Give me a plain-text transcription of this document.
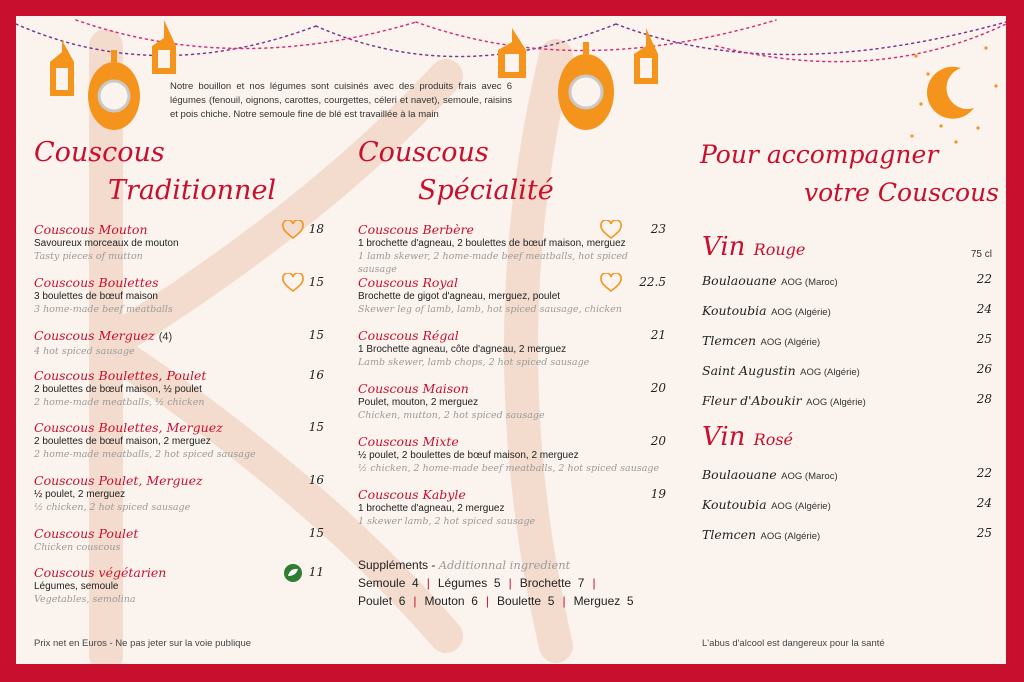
Notre bouillon et nos légumes sont cuisinés avec des produits frais avec 6 légumes (fenouil, oignons, carottes, courgettes, céleri et navet), semoule, raisins et pois chiche. Notre semoule fine de blé est travaillée à la main
Couscous
Traditionnel
Couscous Mouton
Savoureux morceaux de mouton
Tasty pieces of mutton
18
Couscous Boulettes
3 boulettes de bœuf maison
3 home-made beef meatballs
15
Couscous Merguez (4)
4 hot spiced sausage
15
Couscous Boulettes, Poulet
2 boulettes de bœuf maison, ½ poulet
2 home-made meatballs, ½ chicken
16
Couscous Boulettes, Merguez
2 boulettes de bœuf maison, 2 merguez
2 home-made meatballs, 2 hot spiced sausage
15
Couscous Poulet, Merguez
½ poulet, 2 merguez
½ chicken, 2 hot spiced sausage
16
Couscous Poulet
Chicken couscous
15
Couscous végétarien
Légumes, semoule
Vegetables, semolina
11
Couscous
Spécialité
Couscous Berbère
1 brochette d'agneau, 2 boulettes de bœuf maison, merguez
1 lamb skewer, 2 home-made beef meatballs, hot spiced sausage
23
Couscous Royal
Brochette de gigot d'agneau, merguez, poulet
Skewer leg of lamb, lamb, hot spiced sausage, chicken
22.5
Couscous Régal
1 Brochette agneau, côte d'agneau, 2 merguez
Lamb skewer, lamb chops, 2 hot spiced sausage
21
Couscous Maison
Poulet, mouton, 2 merguez
Chicken, mutton, 2 hot spiced sausage
20
Couscous Mixte
½ poulet, 2 boulettes de bœuf maison, 2 merguez
½ chicken, 2 home-made beef meatballs, 2 hot spiced sausage
20
Couscous Kabyle
1 brochette d'agneau, 2 merguez
1 skewer lamb, 2 hot spiced sausage
19
Suppléments - Additionnal ingredient
Semoule 4 | Légumes 5 | Brochette 7 |
Poulet 6 | Mouton 6 | Boulette 5 | Merguez 5
Pour accompagner
votre Couscous
Vin Rouge	75 cl
Boulaouane AOG (Maroc)	22
Koutoubia AOG (Algérie)	24
Tlemcen AOG (Algérie)	25
Saint Augustin AOG (Algérie)	26
Fleur d'Aboukir AOG (Algérie)	28
Vin Rosé
Boulaouane AOG (Maroc)	22
Koutoubia AOG (Algérie)	24
Tlemcen AOG (Algérie)	25
Prix net en Euros - Ne pas jeter sur la voie publique	L'abus d'alcool est dangereux pour la santé
